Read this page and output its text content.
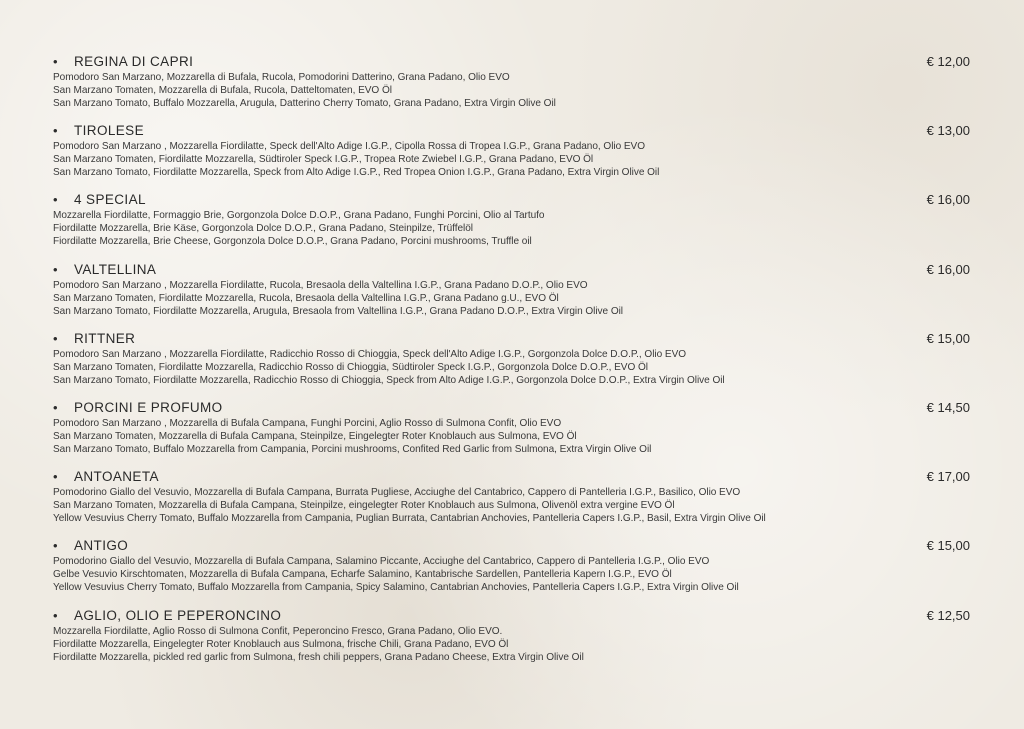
• REGINA DI CAPRI	€ 12,00
Pomodoro San Marzano, Mozzarella di Bufala, Rucola, Pomodorini Datterino, Grana Padano, Olio EVO
San Marzano Tomaten, Mozzarella di Bufala, Rucola, Datteltomaten, EVO Öl
San Marzano Tomato, Buffalo Mozzarella, Arugula, Datterino Cherry Tomato, Grana Padano, Extra Virgin Olive Oil
• TIROLESE	€ 13,00
Pomodoro San Marzano , Mozzarella Fiordilatte, Speck dell'Alto Adige I.G.P., Cipolla Rossa di Tropea I.G.P., Grana Padano, Olio EVO
San Marzano Tomaten, Fiordilatte Mozzarella, Südtiroler Speck I.G.P., Tropea Rote Zwiebel I.G.P., Grana Padano, EVO Öl
San Marzano Tomato, Fiordilatte Mozzarella, Speck from Alto Adige I.G.P., Red Tropea Onion I.G.P., Grana Padano, Extra Virgin Olive Oil
• 4 SPECIAL	€ 16,00
Mozzarella Fiordilatte, Formaggio Brie, Gorgonzola Dolce D.O.P., Grana Padano, Funghi Porcini, Olio al Tartufo
Fiordilatte Mozzarella, Brie Käse, Gorgonzola Dolce D.O.P., Grana Padano, Steinpilze, Trüffelöl
Fiordilatte Mozzarella, Brie Cheese, Gorgonzola Dolce D.O.P., Grana Padano, Porcini mushrooms, Truffle oil
• VALTELLINA	€ 16,00
Pomodoro San Marzano , Mozzarella Fiordilatte, Rucola, Bresaola della Valtellina I.G.P., Grana Padano D.O.P., Olio EVO
San Marzano Tomaten, Fiordilatte Mozzarella, Rucola, Bresaola della Valtellina I.G.P., Grana Padano g.U., EVO Öl
San Marzano Tomato, Fiordilatte Mozzarella, Arugula, Bresaola from Valtellina I.G.P., Grana Padano D.O.P., Extra Virgin Olive Oil
• RITTNER	€ 15,00
Pomodoro San Marzano , Mozzarella Fiordilatte, Radicchio Rosso di Chioggia, Speck dell'Alto Adige I.G.P., Gorgonzola Dolce D.O.P., Olio EVO
San Marzano Tomaten, Fiordilatte Mozzarella, Radicchio Rosso di Chioggia, Südtiroler Speck I.G.P., Gorgonzola Dolce D.O.P., EVO Öl
San Marzano Tomato, Fiordilatte Mozzarella, Radicchio Rosso di Chioggia, Speck from Alto Adige I.G.P., Gorgonzola Dolce D.O.P., Extra Virgin Olive Oil
• PORCINI E PROFUMO	€ 14,50
Pomodoro San Marzano , Mozzarella di Bufala Campana, Funghi Porcini, Aglio Rosso di Sulmona Confit, Olio EVO
San Marzano Tomaten, Mozzarella di Bufala Campana, Steinpilze, Eingelegter Roter Knoblauch aus Sulmona, EVO Öl
San Marzano Tomato, Buffalo Mozzarella from Campania, Porcini mushrooms, Confited Red Garlic from Sulmona, Extra Virgin Olive Oil
• ANTOANETA	€ 17,00
Pomodorino Giallo del Vesuvio, Mozzarella di Bufala Campana, Burrata Pugliese, Acciughe del Cantabrico, Cappero di Pantelleria I.G.P., Basilico, Olio EVO
San Marzano Tomaten, Mozzarella di Bufala Campana, Steinpilze, eingelegter Roter Knoblauch aus Sulmona, Olivenöl extra vergine EVO Öl
Yellow Vesuvius Cherry Tomato, Buffalo Mozzarella from Campania, Puglian Burrata, Cantabrian Anchovies, Pantelleria Capers I.G.P., Basil, Extra Virgin Olive Oil
• ANTIGO	€ 15,00
Pomodorino Giallo del Vesuvio, Mozzarella di Bufala Campana, Salamino Piccante, Acciughe del Cantabrico, Cappero di Pantelleria I.G.P., Olio EVO
Gelbe Vesuvio Kirschtomaten, Mozzarella di Bufala Campana, Echarfe Salamino, Kantabrische Sardellen, Pantelleria Kapern I.G.P., EVO Öl
Yellow Vesuvius Cherry Tomato, Buffalo Mozzarella from Campania, Spicy Salamino, Cantabrian Anchovies, Pantelleria Capers I.G.P., Extra Virgin Olive Oil
• AGLIO, OLIO E PEPERONCINO	€ 12,50
Mozzarella Fiordilatte, Aglio Rosso di Sulmona Confit, Peperoncino Fresco, Grana Padano, Olio EVO.
Fiordilatte Mozzarella, Eingelegter Roter Knoblauch aus Sulmona, frische Chili, Grana Padano, EVO Öl
Fiordilatte Mozzarella, pickled red garlic from Sulmona, fresh chili peppers, Grana Padano Cheese, Extra Virgin Olive Oil
